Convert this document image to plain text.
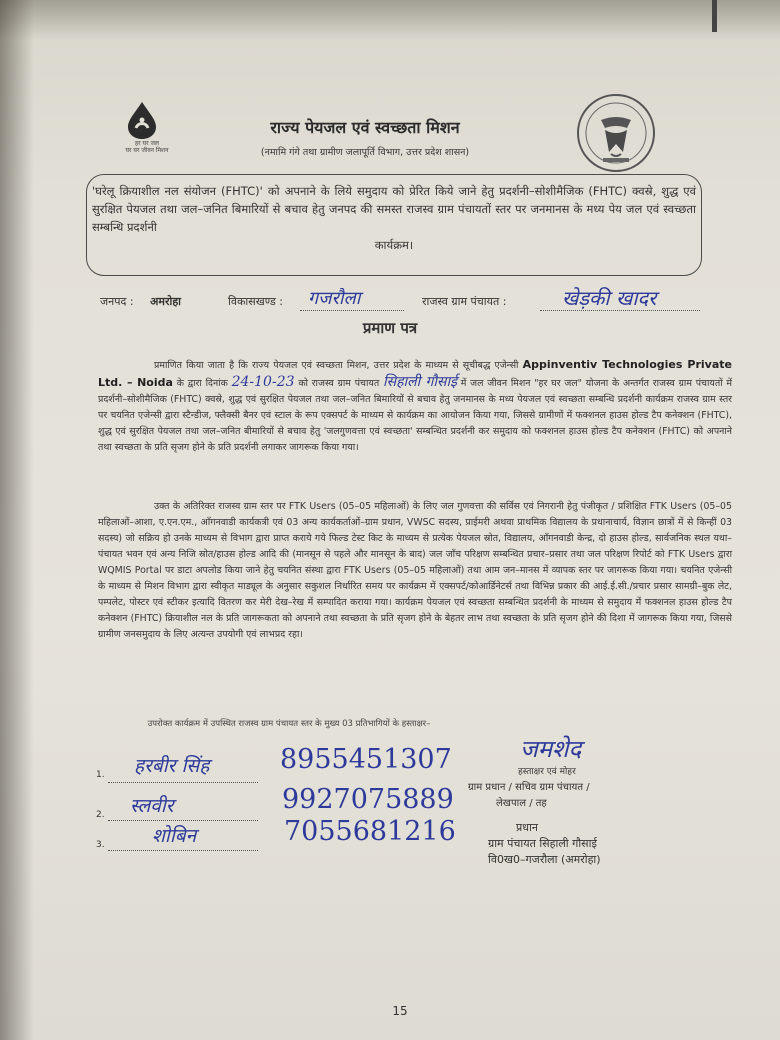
हर घर जल
घर घर जीवन मिशन
राज्य पेयजल एवं स्वच्छता मिशन
(नमामि गंगे तथा ग्रामीण जलापूर्ति विभाग, उत्तर प्रदेश शासन)
'घरेलू क्रियाशील नल संयोजन (FHTC)' को अपनाने के लिये समुदाय को प्रेरित किये जाने हेतु प्रदर्शनी–सोशीमैजिक (FHTC) क्वस्रे, शुद्ध एवं सुरक्षित पेयजल तथा जल–जनित बिमारियों से बचाव हेतु जनपद की समस्त राजस्व ग्राम पंचायतों स्तर पर जनमानस के मध्य पेय जल एवं स्वच्छता सम्बन्धि प्रदर्शनी
कार्यक्रम।
जनपद : अमरोहा	विकासखण्ड : गजरौला	राजस्व ग्राम पंचायत :	खेड़की खादर
प्रमाण पत्र
प्रमाणित किया जाता है कि राज्य पेयजल एवं स्वच्छता मिशन, उत्तर प्रदेश के माध्यम से सूचीबद्ध एजेन्सी Appinventiv Technologies Private Ltd. – Noida के द्वारा दिनांक 24-10-23 को राजस्व ग्राम पंचायत सिहाली गौसाई में जल जीवन मिशन "हर घर जल" योजना के अन्तर्गत राजस्व ग्राम पंचायतों में प्रदर्शनी–सोशीमैजिक (FHTC) क्वस्रे, शुद्ध एवं सुरक्षित पेयजल तथा जल–जनित बिमारियों से बचाव हेतु जनमानस के मध्य पेयजल एवं स्वच्छता सम्बन्धि प्रदर्शनी कार्यक्रम राजस्व ग्राम स्तर पर चयनित एजेन्सी द्वारा स्टैन्डीज, फ्लैक्सी बैनर एवं स्टाल के रूप एक्सपर्ट के माध्यम से कार्यक्रम का आयोजन किया गया, जिससे ग्रामीणों में फक्शनल हाउस होल्ड टैप कनेक्शन (FHTC), शुद्ध एवं सुरक्षित पेयजल तथा जल–जनित बीमारियों से बचाव हेतु 'जलगुणवत्ता एवं स्वच्छता' सम्बन्धित प्रदर्शनी कर समुदाय को फक्शनल हाउस होल्ड टैप कनेक्शन (FHTC) को अपनाने तथा स्वच्छता के प्रति सृजग होने के प्रति प्रदर्शनी लगाकर जागरूक किया गया।
उक्त के अतिरिक्त राजस्व ग्राम स्तर पर FTK Users (05–05 महिलाओं) के लिए जल गुणवत्ता की सर्विस एवं निगरानी हेतु पंजीकृत / प्रशिक्षित FTK Users (05–05 महिलाओं–आशा, ए.एन.एम., आँगनवाडी कार्यकत्री एवं 03 अन्य कार्यकर्ताओं–ग्राम प्रधान, VWSC सदस्य, प्राईमरी अथवा प्राथमिक विद्यालय के प्रधानाचार्य, विज्ञान छात्रों में से किन्हीं 03 सदस्य) जो सक्रिय हो उनके माध्यम से विभाग द्वारा प्राप्त कराये गये फिल्ड टेस्ट किट के माध्यम से प्रत्येक पेयजल स्रोत, विद्यालय, आँगनवाडी केन्द्र, दो हाउस होल्ड, सार्वजनिक स्थल यथा–पंचायत भवन एवं अन्य निजि स्रोत/हाउस होल्ड आदि की (मानसून से पहले और मानसून के बाद) जल जाँच परिक्षण सम्बन्धित प्रचार–प्रसार तथा जल परिक्षण रिपोर्ट को FTK Users द्वारा WQMIS Portal पर डाटा अपलोड किया जाने हेतु चयनित संस्था द्वारा FTK Users (05–05 महिलाओं) तथा आम जन–मानस में व्यापक स्तर पर जागरूक किया गया। चयनित एजेन्सी के माध्यम से मिशन विभाग द्वारा स्वीकृत माड्यूल के अनुसार सकुशल निर्धारित समय पर कार्यक्रम में एक्सपर्ट/कोआर्डिनेटर्स तथा विभिन्न प्रकार की आई.ई.सी./प्रचार प्रसार सामग्री–बुक लेट, पम्पलेट, पोस्टर एवं स्टीकर इत्यादि वितरण कर मेरी देख–रेख में सम्पादित कराया गया। कार्यक्रम पेयजल एवं स्वच्छता सम्बन्धित प्रदर्शनी के माध्यम से समुदाय में फक्शनल हाउस होल्ड टैप कनेक्शन (FHTC) क्रियाशील नल के प्रति जागरूकता को अपनाने तथा स्वच्छता के प्रति सृजग होने के बेहतर लाभ तथा स्वच्छता के प्रति सृजग होने की दिशा में जागरूक किया गया, जिससे ग्रामीण जनसमुदाय के लिए अत्यन्त उपयोगी एवं लाभप्रद रहा।
उपरोक्त कार्यक्रम में उपस्थित राजस्व ग्राम पंचायत स्तर के मुख्य 03 प्रतिभागियों के हस्ताक्षर–
1. हरबीर सिंह	8955451307
2. स्लवीर	9927075889
3. शोबिन	7055681216
जमशेद
हस्ताक्षर एवं मोहर
ग्राम प्रधान / सचिव ग्राम पंचायत /
लेखपाल / तह
प्रधान
ग्राम पंचायत सिहाली गौसाई
वि0ख0–गजरौला (अमरोहा)
15
